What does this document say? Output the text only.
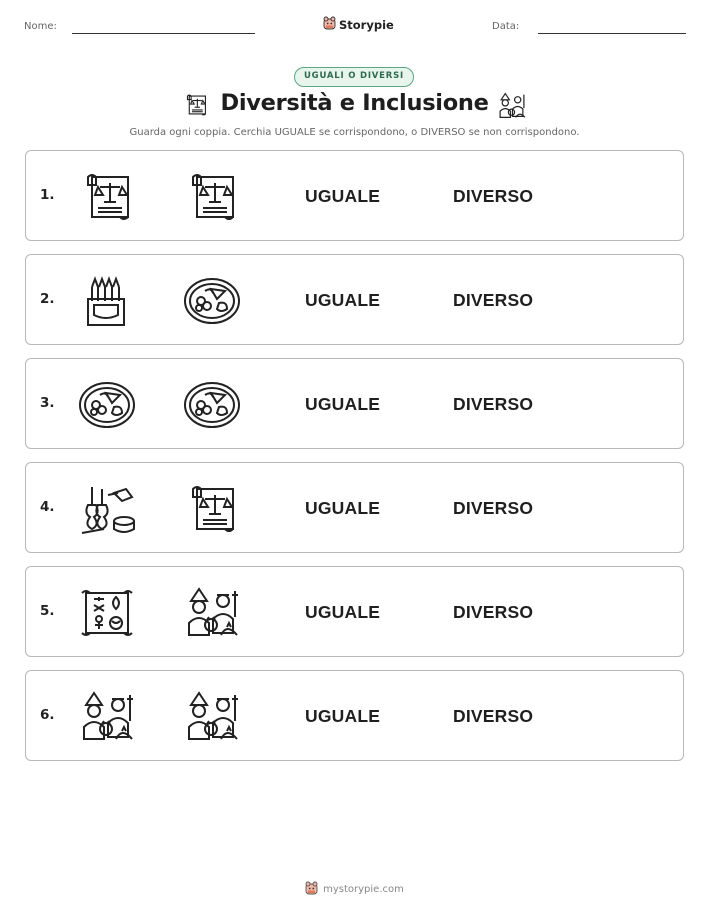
Nome:	Storypie	Data:
UGUALI O DIVERSI
Diversità e Inclusione
Guarda ogni coppia. Cerchia UGUALE se corrispondono, o DIVERSO se non corrispondono.
1.	UGUALE	DIVERSO
2.	UGUALE	DIVERSO
3.	UGUALE	DIVERSO
4.	UGUALE	DIVERSO
5.	UGUALE	DIVERSO
6.	UGUALE	DIVERSO
mystorypie.com
